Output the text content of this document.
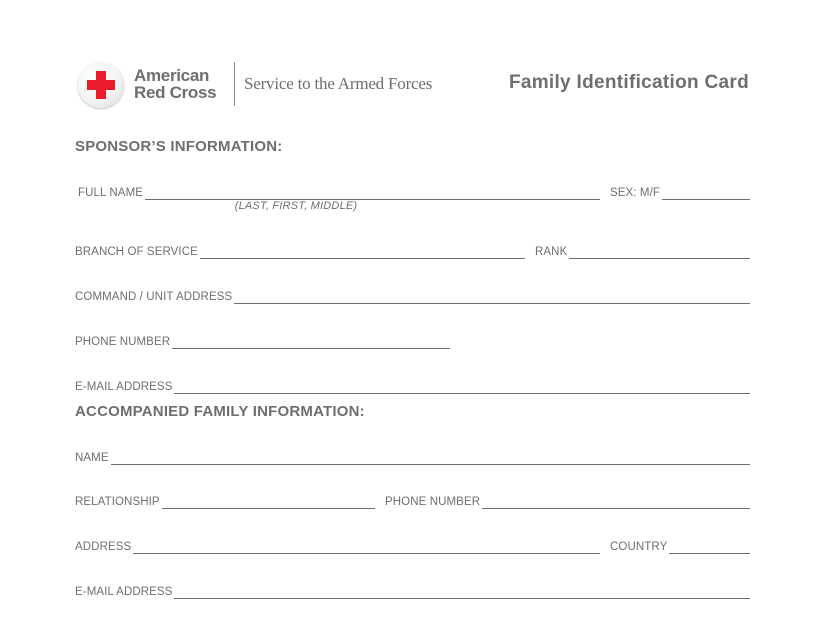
American
Red Cross Service to the Armed Forces	Family Identification Card
SPONSOR’S INFORMATION:
FULL NAME	SEX: M/F
(LAST, FIRST, MIDDLE)
BRANCH OF SERVICE	RANK
COMMAND / UNIT ADDRESS
PHONE NUMBER
E-MAIL ADDRESS
ACCOMPANIED FAMILY INFORMATION:
NAME
RELATIONSHIP	PHONE NUMBER
ADDRESS	COUNTRY
E-MAIL ADDRESS
